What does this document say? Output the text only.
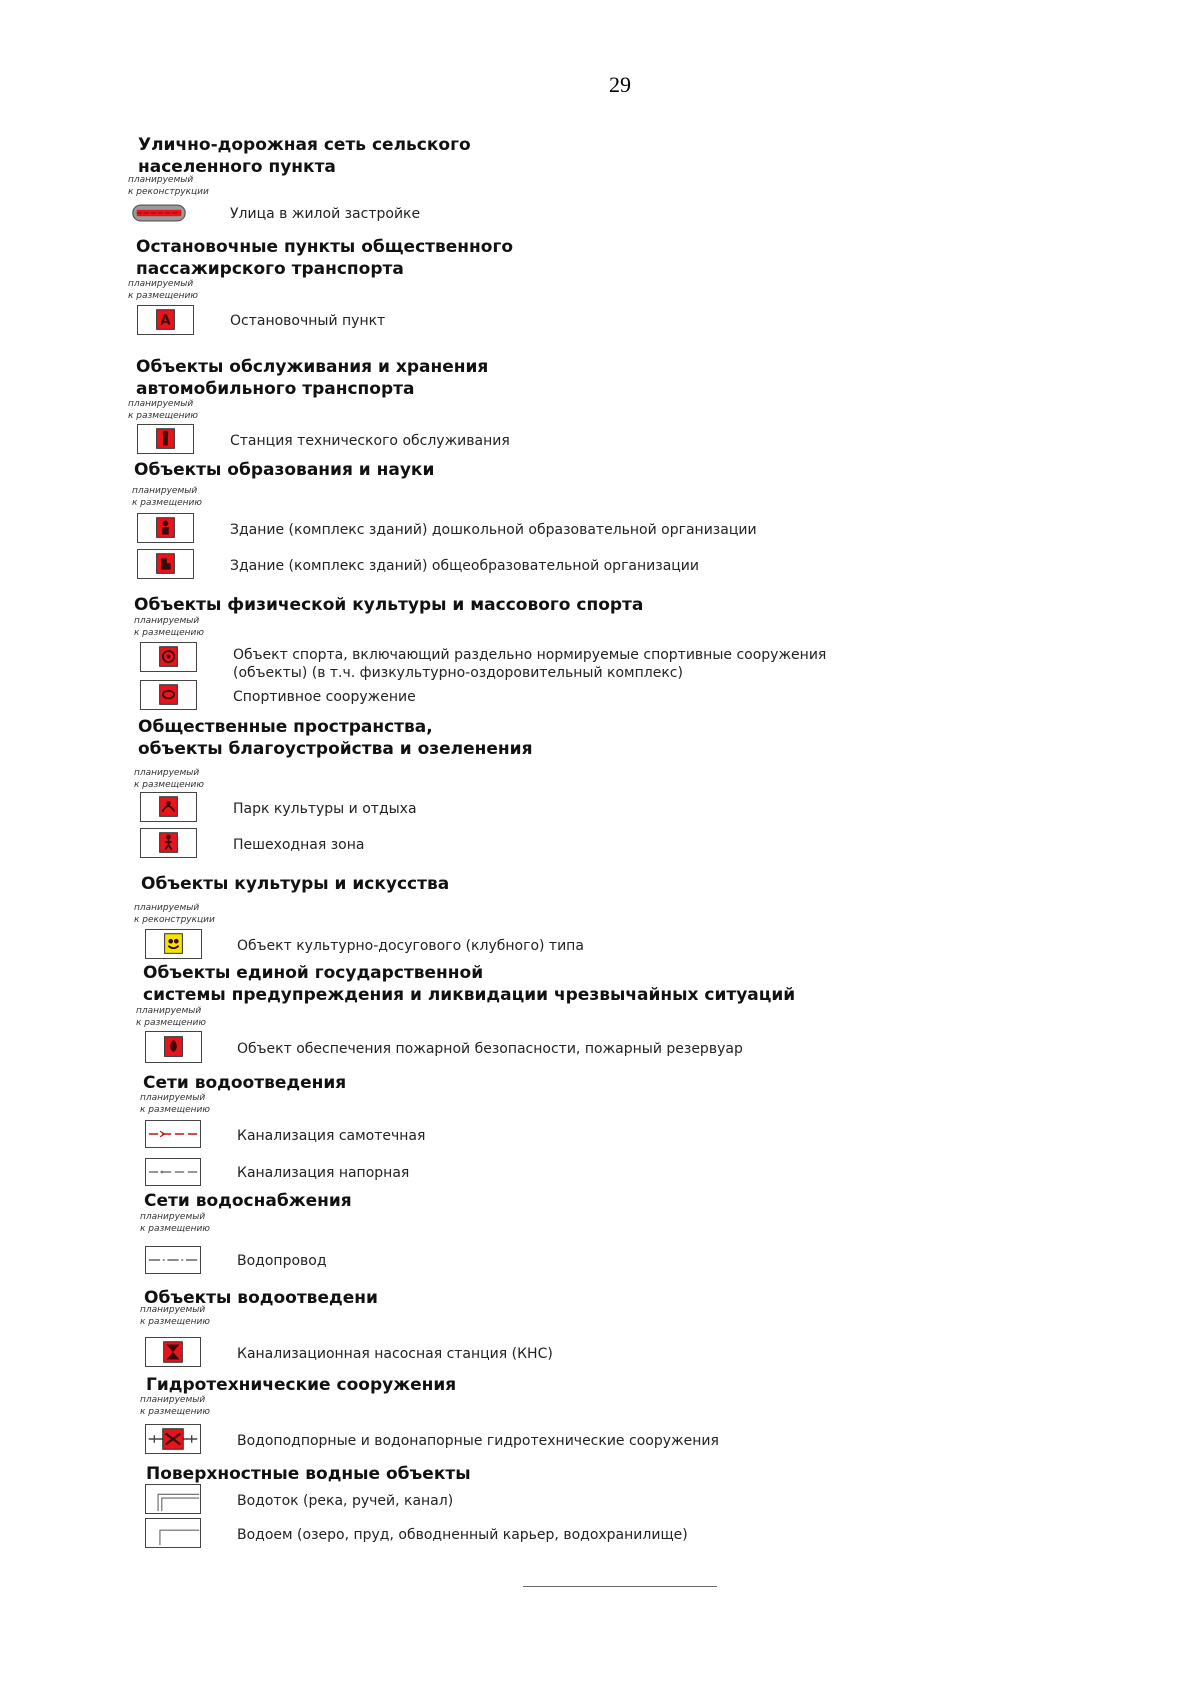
29
Улично-дорожная сеть сельского
населенного пункта
планируемый
к реконструкции
Улица в жилой застройке
Остановочные пункты общественного
пассажирского транспорта
планируемый
к размещению
A	Остановочный пункт
Объекты обслуживания и хранения
автомобильного транспорта
планируемый
к размещению
Станция технического обслуживания
Объекты образования и науки
планируемый
к размещению
Здание (комплекс зданий) дошкольной образовательной организации
Здание (комплекс зданий) общеобразовательной организации
Объекты физической культуры и массового спорта
планируемый
к размещению
Объект спорта, включающий раздельно нормируемые спортивные сооружения
(объекты) (в т.ч. физкультурно-оздоровительный комплекс)
Спортивное сооружение
Общественные пространства,
объекты благоустройства и озеленения
планируемый
к размещению
Парк культуры и отдыха
Пешеходная зона
Объекты культуры и искусства
планируемый
к реконструкции
Объект культурно-досугового (клубного) типа
Объекты единой государственной
системы предупреждения и ликвидации чрезвычайных ситуаций
планируемый
к размещению
Объект обеспечения пожарной безопасности, пожарный резервуар
Сети водоотведения
планируемый
к размещению
Канализация самотечная
Канализация напорная
Сети водоснабжения
планируемый
к размещению
Водопровод
Объекты водоотведени
планируемый
к размещению
Канализационная насосная станция (КНС)
Гидротехнические сооружения
планируемый
к размещению
Водоподпорные и водонапорные гидротехнические сооружения
Поверхностные водные объекты
Водоток (река, ручей, канал)
Водоем (озеро, пруд, обводненный карьер, водохранилище)
